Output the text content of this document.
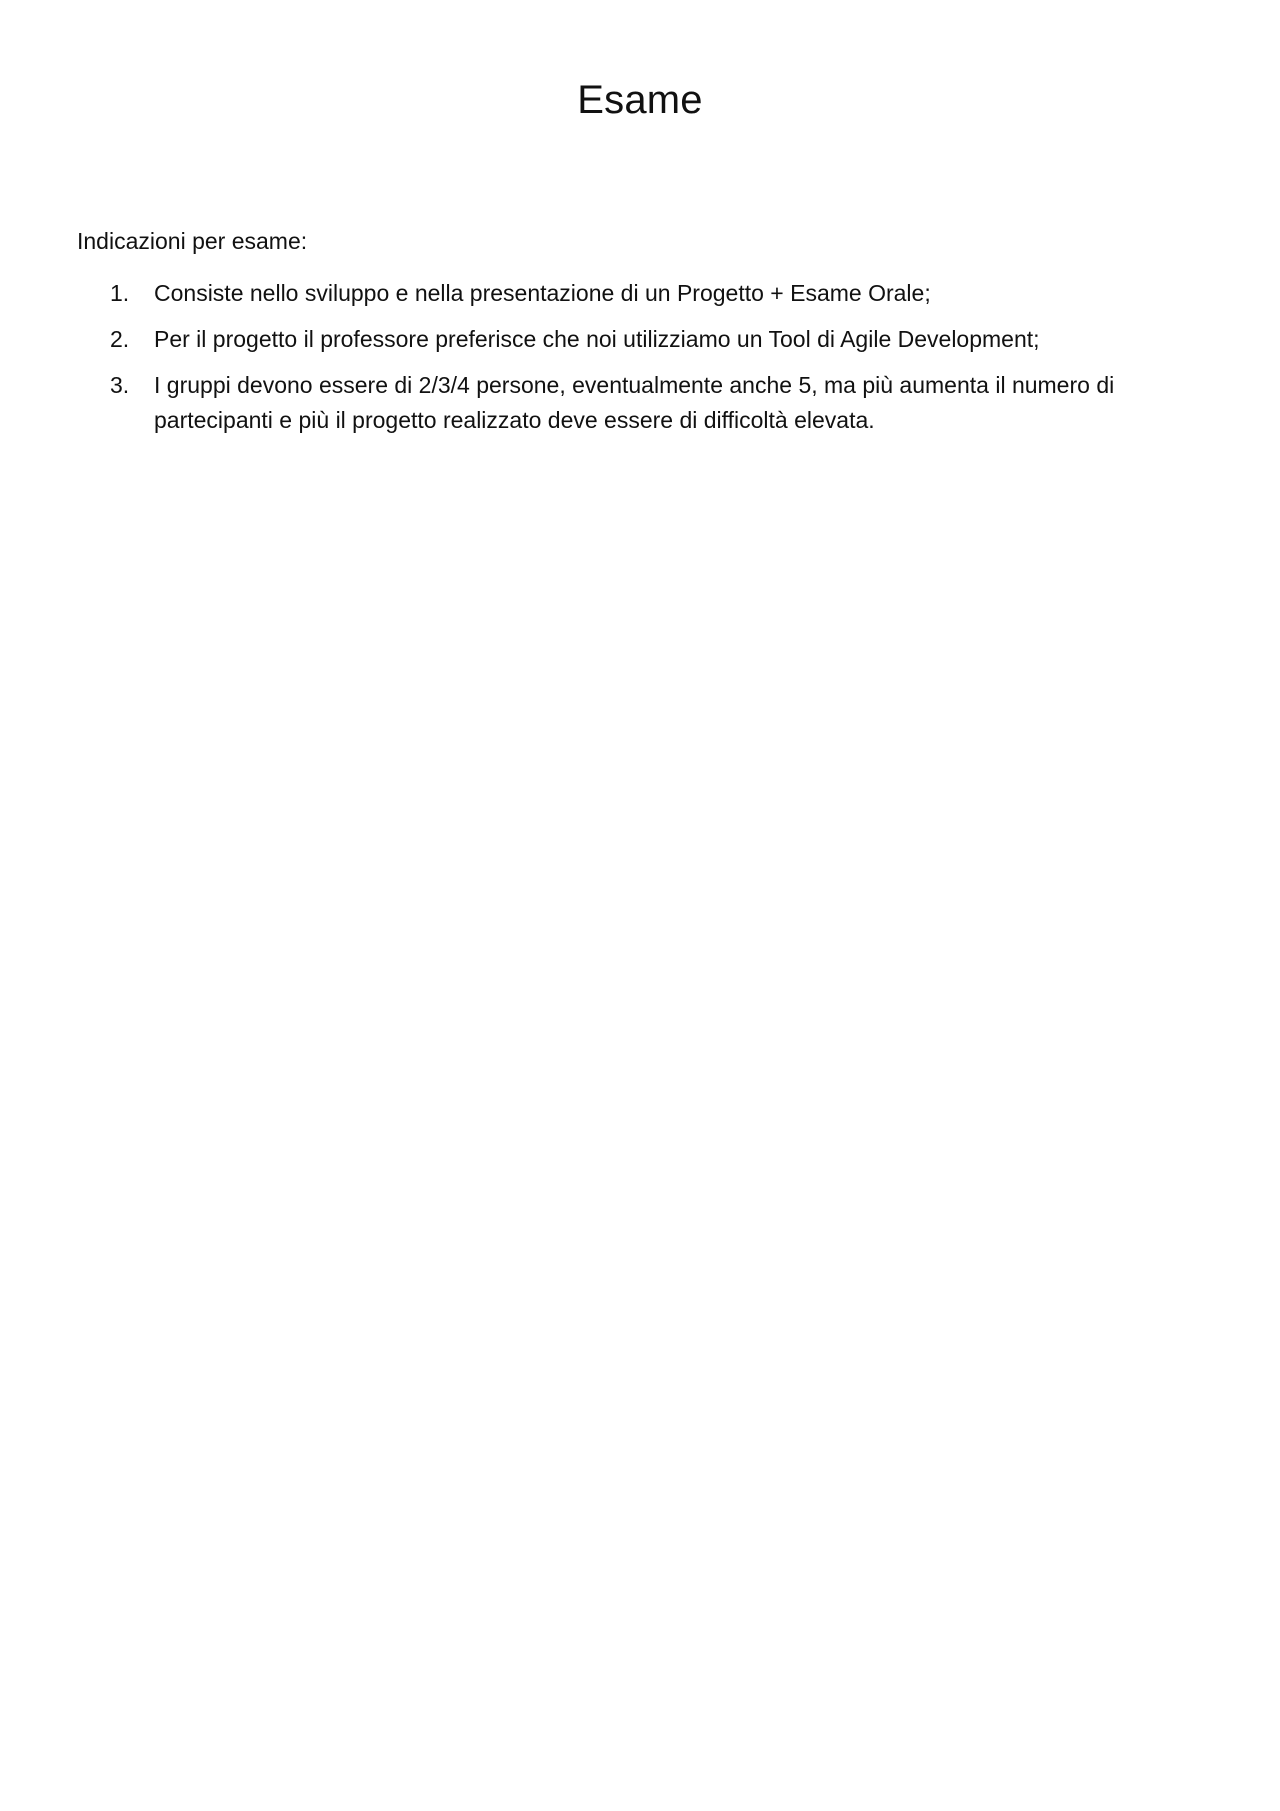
Esame

Indicazioni per esame:

1.	Consiste nello sviluppo e nella presentazione di un Progetto + Esame Orale;
2.	Per il progetto il professore preferisce che noi utilizziamo un Tool di Agile Development;
3.	I gruppi devono essere di 2/3/4 persone, eventualmente anche 5, ma più aumenta il numero di partecipanti e più il progetto realizzato deve essere di difficoltà elevata.
